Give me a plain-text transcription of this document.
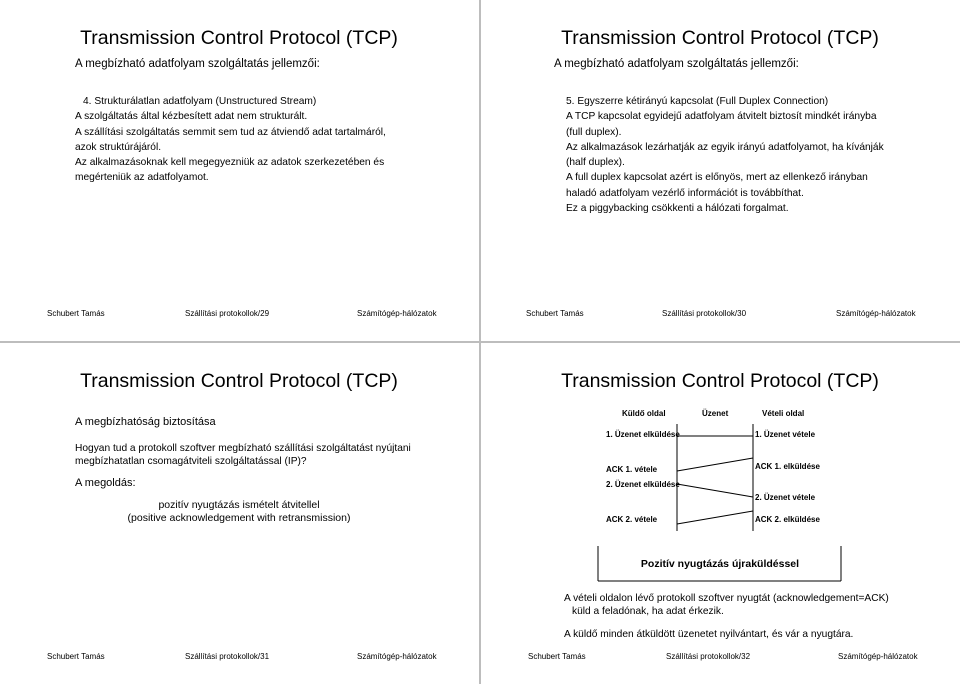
Transmission Control Protocol (TCP)
A megbízható adatfolyam szolgáltatás jellemzői:
4. Strukturálatlan adatfolyam (Unstructured Stream)
A szolgáltatás által kézbesített adat nem strukturált.
A szállítási szolgáltatás semmit sem tud az átviendő adat tartalmáról,
azok struktúrájáról.
Az alkalmazásoknak kell megegyezniük az adatok szerkezetében és
megérteniük az adatfolyamot.
Schubert Tamás	Szállítási protokollok/29	Számítógép-hálózatok
Transmission Control Protocol (TCP)
A megbízható adatfolyam szolgáltatás jellemzői:
5. Egyszerre kétirányú kapcsolat (Full Duplex Connection)
A TCP kapcsolat egyidejű adatfolyam átvitelt biztosít mindkét irányba
(full duplex).
Az alkalmazások lezárhatják az egyik irányú adatfolyamot, ha kívánják
(half duplex).
A full duplex kapcsolat azért is előnyös, mert az ellenkező irányban
haladó adatfolyam vezérlő információt is továbbíthat.
Ez a piggybacking csökkenti a hálózati forgalmat.
Schubert Tamás	Szállítási protokollok/30	Számítógép-hálózatok
Transmission Control Protocol (TCP)
A megbízhatóság biztosítása
Hogyan tud a protokoll szoftver megbízható szállítási szolgáltatást nyújtani
megbízhatatlan csomagátviteli szolgáltatással (IP)?
A megoldás:
pozitív nyugtázás ismételt átvitellel
(positive acknowledgement with retransmission)
Schubert Tamás	Szállítási protokollok/31	Számítógép-hálózatok
Transmission Control Protocol (TCP)
Küldő oldal	Üzenet	Vételi oldal
1. Üzenet elküldése	1. Üzenet vétele
ACK 1. elküldése
ACK 1. vétele
2. Üzenet elküldése
2. Üzenet vétele
ACK 2. vétele	ACK 2. elküldése
Pozitív nyugtázás újraküldéssel
A vételi oldalon lévő protokoll szoftver nyugtát (acknowledgement=ACK)
küld a feladónak, ha adat érkezik.
A küldő minden átküldött üzenetet nyilvántart, és vár a nyugtára.
Schubert Tamás	Szállítási protokollok/32	Számítógép-hálózatok
